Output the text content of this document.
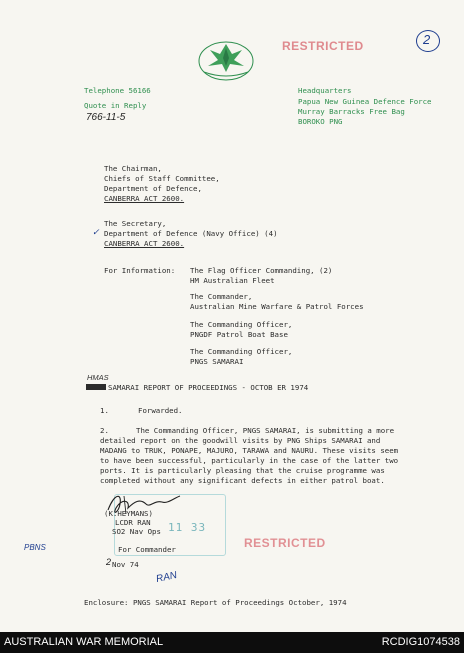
RESTRICTED	2
Telephone 56166
Quote in Reply
766-11-5
Headquarters
Papua New Guinea Defence Force
Murray Barracks Free Bag
BOROKO PNG
The Chairman,
Chiefs of Staff Committee,
Department of Defence,
CANBERRA ACT 2600.
✓
The Secretary,
Department of Defence (Navy Office) (4)
CANBERRA ACT 2600.
For Information: The Flag Officer Commanding, (2)
HM Australian Fleet
The Commander,
Australian Mine Warfare & Patrol Forces
The Commanding Officer,
PNGDF Patrol Boat Base
The Commanding Officer,
PNGS SAMARAI
HMAS
SAMARAI REPORT OF PROCEEDINGS - OCTOB ER 1974
1.	Forwarded.
2.	The Commanding Officer, PNGS SAMARAI, is submitting a more
detailed report on the goodwill visits by PNG Ships SAMARAI and
MADANG to TRUK, PONAPE, MAJURO, TARAWA and NAURU. These visits seem
to have been successful, particularly in the case of the latter two
ports. It is particularly pleasing that the cruise programme was
completed without any significant defects in either patrol boat.
11 33
(K.HEYMANS)
LCDR RAN
SO2 Nav Ops
PBNS	For Commander	RESTRICTED
2 Nov 74
RAN
Enclosure: PNGS SAMARAI Report of Proceedings October, 1974
AUSTRALIAN WAR MEMORIAL	RCDIG1074538
